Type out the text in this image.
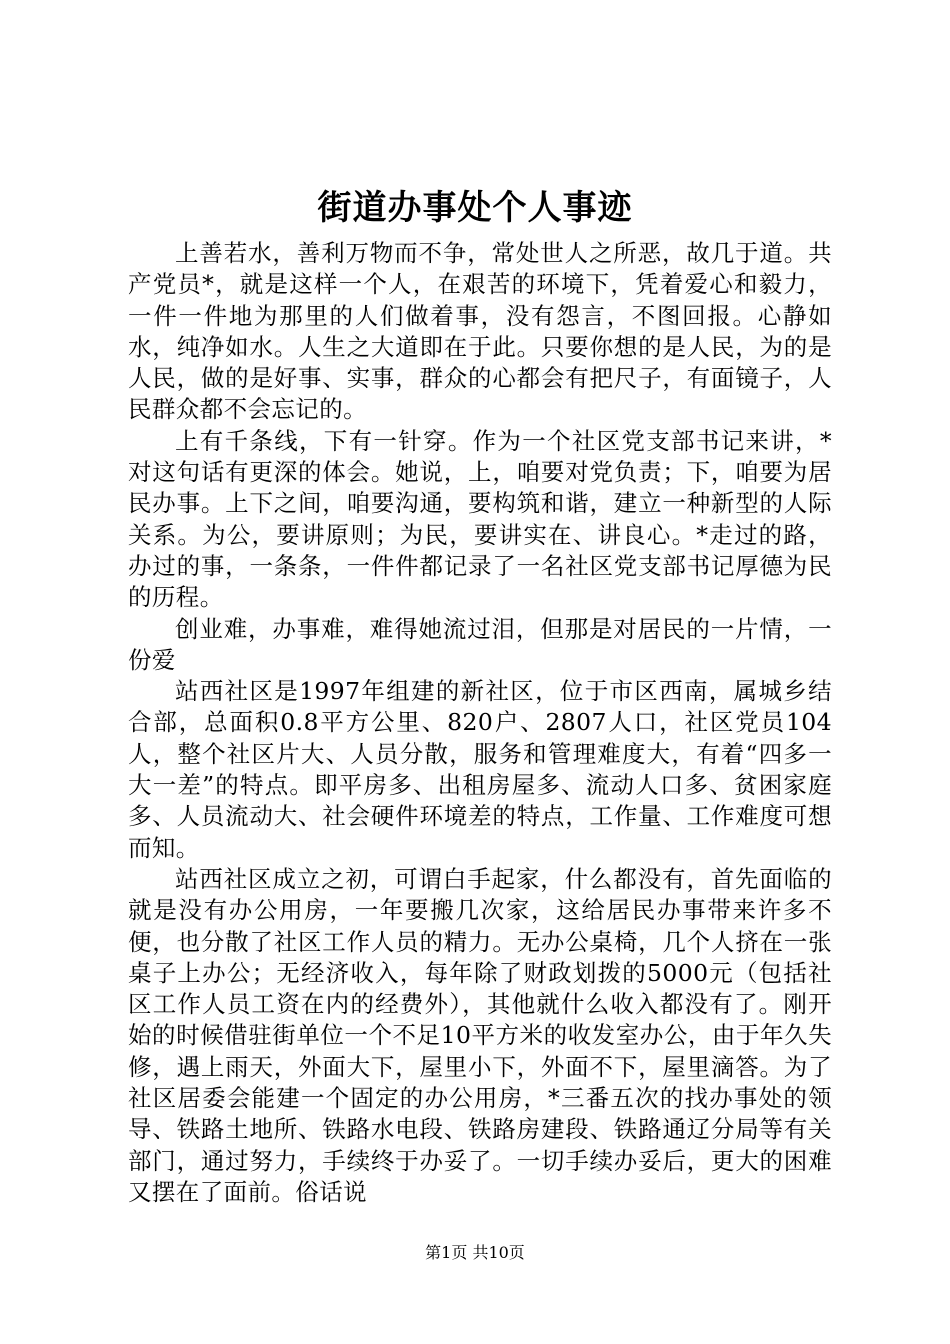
街道办事处个人事迹

上善若水，善利万物而不争，常处世人之所恶，故几于道。共产党员*，就是这样一个人，在艰苦的环境下，凭着爱心和毅力，一件一件地为那里的人们做着事，没有怨言，不图回报。心静如水，纯净如水。人生之大道即在于此。只要你想的是人民，为的是人民，做的是好事、实事，群众的心都会有把尺子，有面镜子，人民群众都不会忘记的。

上有千条线，下有一针穿。作为一个社区党支部书记来讲，*对这句话有更深的体会。她说，上，咱要对党负责；下，咱要为居民办事。上下之间，咱要沟通，要构筑和谐，建立一种新型的人际关系。为公，要讲原则；为民，要讲实在、讲良心。*走过的路，办过的事，一条条，一件件都记录了一名社区党支部书记厚德为民的历程。

创业难，办事难，难得她流过泪，但那是对居民的一片情，一份爱

站西社区是1997年组建的新社区，位于市区西南，属城乡结合部，总面积0.8平方公里、820户、2807人口，社区党员104人，整个社区片大、人员分散，服务和管理难度大，有着“四多一大一差”的特点。即平房多、出租房屋多、流动人口多、贫困家庭多、人员流动大、社会硬件环境差的特点，工作量、工作难度可想而知。

站西社区成立之初，可谓白手起家，什么都没有，首先面临的就是没有办公用房，一年要搬几次家，这给居民办事带来许多不便，也分散了社区工作人员的精力。无办公桌椅，几个人挤在一张桌子上办公；无经济收入，每年除了财政划拨的5000元（包括社区工作人员工资在内的经费外），其他就什么收入都没有了。刚开始的时候借驻街单位一个不足10平方米的收发室办公，由于年久失修，遇上雨天，外面大下，屋里小下，外面不下，屋里滴答。为了社区居委会能建一个固定的办公用房，*三番五次的找办事处的领导、铁路土地所、铁路水电段、铁路房建段、铁路通辽分局等有关部门，通过努力，手续终于办妥了。一切手续办妥后，更大的困难又摆在了面前。俗话说

第1页 共10页
